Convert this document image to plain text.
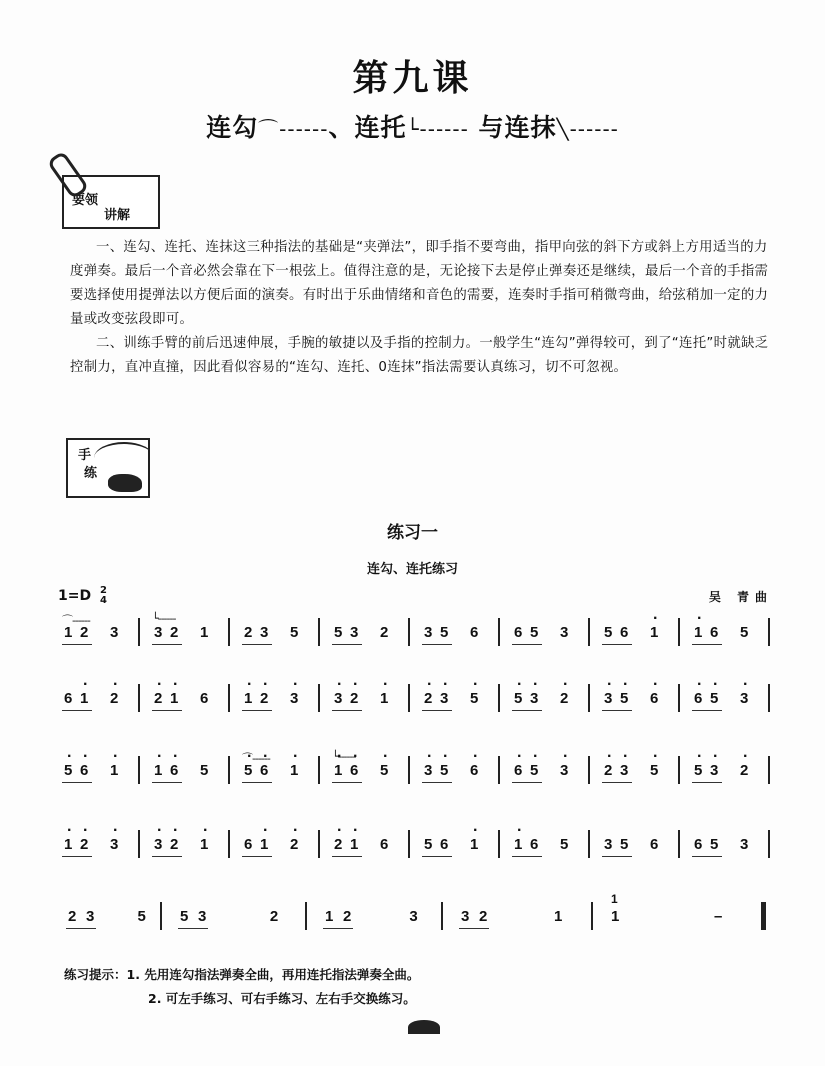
第九课
连勾⌒------、连托└------ 与连抹╲------
要领
讲解

一、连勾、连托、连抹这三种指法的基础是“夹弹法”，即手指不要弯曲，指甲向弦的斜下方或斜上方用适当的力度弹奏。最后一个音必然会靠在下一根弦上。值得注意的是，无论接下去是停止弹奏还是继续，最后一个音的手指需要选择使用提弹法以方便后面的演奏。有时出于乐曲情绪和音色的需要，连奏时手指可稍微弯曲，给弦稍加一定的力量或改变弦段即可。

二、训练手臂的前后迅速伸展，手腕的敏捷以及手指的控制力。一般学生“连勾”弹得较可，到了“连托”时就缺乏控制力，直冲直撞，因此看似容易的“连勾、连托、0连抹”指法需要认真练习，切不可忽视。

手
练
练习一
连勾、连托练习
1=D 2
4	吴 青曲
⌒------
1 2 3
└------
3 2 1 2 3 5 5 3 2 3 5 6 6 5 3 5 6 · 1 · 1 6 5
6 · 1 · 2 · 2 · 1 6 · 1 · 2 · 3 · 3 · 2 · 1 · 2 · 3 · 5 · 5 · 3 · 2 · 3 · 5 · 6 · 6 · 5 · 3
· 5 · 6 · 1 · 1 · 6 5
⌒------
· 5 · 6 · 1
└------
· 1 · 6 · 5 · 3 · 5 · 6 · 6 · 5 · 3 · 2 · 3 · 5 · 5 · 3 · 2
· 1 · 2 · 3 · 3 · 2 · 1 6 · 1 · 2 · 2 · 1 6 5 6 · 1 · 1 6 5 3 5 6 6 5 3
2 3	5 5 3	2	1 2	3	3 2	1	1	–
1
练习提示：1. 先用连勾指法弹奏全曲，再用连托指法弹奏全曲。
2. 可左手练习、可右手练习、左右手交换练习。
